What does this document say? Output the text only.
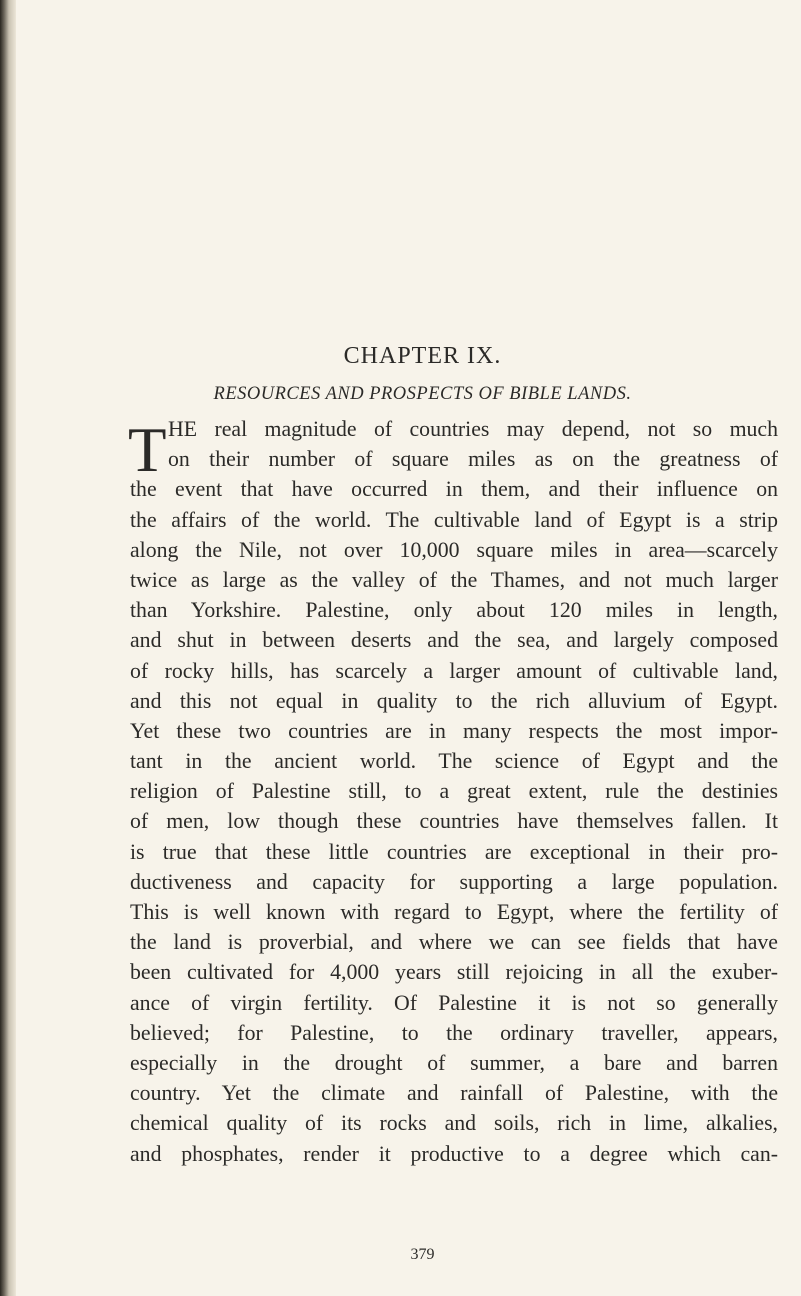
CHAPTER IX.
RESOURCES AND PROSPECTS OF BIBLE LANDS.
T HE real magnitude of countries may depend, not so much
on their number of square miles as on the greatness of
the event that have occurred in them, and their influence on
the affairs of the world. The cultivable land of Egypt is a strip
along the Nile, not over 10,000 square miles in area—scarcely
twice as large as the valley of the Thames, and not much larger
than Yorkshire. Palestine, only about 120 miles in length,
and shut in between deserts and the sea, and largely composed
of rocky hills, has scarcely a larger amount of cultivable land,
and this not equal in quality to the rich alluvium of Egypt.
Yet these two countries are in many respects the most impor-
tant in the ancient world. The science of Egypt and the
religion of Palestine still, to a great extent, rule the destinies
of men, low though these countries have themselves fallen. It
is true that these little countries are exceptional in their pro-
ductiveness and capacity for supporting a large population.
This is well known with regard to Egypt, where the fertility of
the land is proverbial, and where we can see fields that have
been cultivated for 4,000 years still rejoicing in all the exuber-
ance of virgin fertility. Of Palestine it is not so generally
believed; for Palestine, to the ordinary traveller, appears,
especially in the drought of summer, a bare and barren
country. Yet the climate and rainfall of Palestine, with the
chemical quality of its rocks and soils, rich in lime, alkalies,
and phosphates, render it productive to a degree which can-
379
